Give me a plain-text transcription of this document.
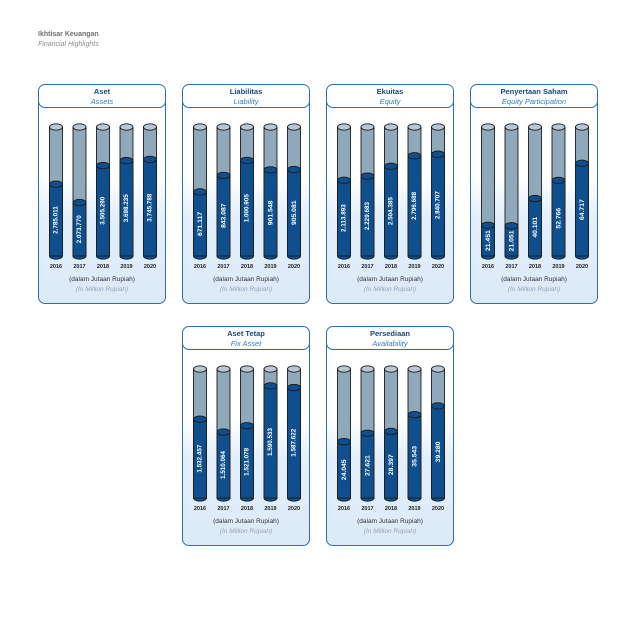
Ikhtisar Keuangan
Financial Highlights
2.785.011
2016
2.073.770
2017
3.505.290
2018
3.698.235
2019
3.745.788
2020
Aset
Assets
(dalam Jutaan Rupiah)
(In Million Rupiah)
671.117
2016
843.087
2017
1.000.905
2018
901.548
2019
905.081
2020
Liabilitas
Liability
(dalam Jutaan Rupiah)
(In Million Rupiah)
2.113.893
2016
2.229.683
2017
2.504.385
2018
2.796.688
2019
2.840.707
2020
Ekuitas
Equity
(dalam Jutaan Rupiah)
(In Million Rupiah)
21.451
2016
21.051
2017
40.101
2018
52.766
2019
64.717
2020
Penyertaan Saham
Equity Participation
(dalam Jutaan Rupiah)
(In Million Rupiah)
1.532.457
2016
1.510.064
2017
1.521.078
2018
1.590.533
2019
1.587.622
2020
Aset Tetap
Fix Asset
(dalam Jutaan Rupiah)
(In Million Rupiah)
24.045
2016
27.621
2017
28.397
2018
35.543
2019
39.280
2020
Persediaan
Availability
(dalam Jutaan Rupiah)
(In Million Rupiah)
